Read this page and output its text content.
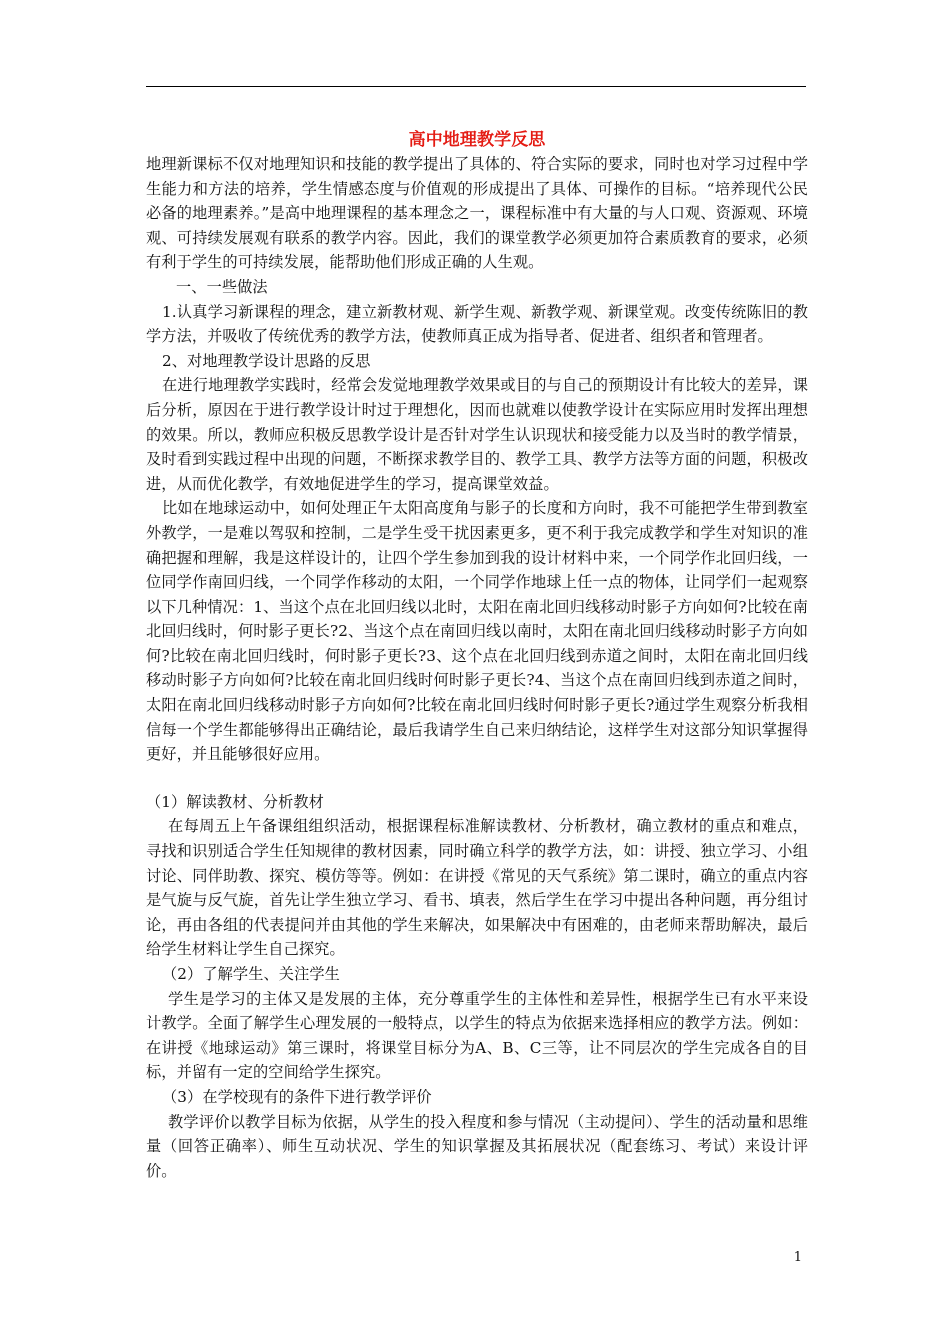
高中地理教学反思

地理新课标不仅对地理知识和技能的教学提出了具体的、符合实际的要求，同时也对学习过程中学生能力和方法的培养，学生情感态度与价值观的形成提出了具体、可操作的目标。“培养现代公民必备的地理素养。”是高中地理课程的基本理念之一，课程标准中有大量的与人口观、资源观、环境观、可持续发展观有联系的教学内容。因此，我们的课堂教学必须更加符合素质教育的要求，必须有利于学生的可持续发展，能帮助他们形成正确的人生观。

一、一些做法

1.认真学习新课程的理念，建立新教材观、新学生观、新教学观、新课堂观。改变传统陈旧的教学方法，并吸收了传统优秀的教学方法，使教师真正成为指导者、促进者、组织者和管理者。

2、对地理教学设计思路的反思

在进行地理教学实践时，经常会发觉地理教学效果或目的与自己的预期设计有比较大的差异，课后分析，原因在于进行教学设计时过于理想化，因而也就难以使教学设计在实际应用时发挥出理想的效果。所以，教师应积极反思教学设计是否针对学生认识现状和接受能力以及当时的教学情景，及时看到实践过程中出现的问题，不断探求教学目的、教学工具、教学方法等方面的问题，积极改进，从而优化教学，有效地促进学生的学习，提高课堂效益。

比如在地球运动中，如何处理正午太阳高度角与影子的长度和方向时，我不可能把学生带到教室外教学，一是难以驾驭和控制，二是学生受干扰因素更多，更不利于我完成教学和学生对知识的准确把握和理解，我是这样设计的，让四个学生参加到我的设计材料中来，一个同学作北回归线，一位同学作南回归线，一个同学作移动的太阳，一个同学作地球上任一点的物体，让同学们一起观察以下几种情况：1、当这个点在北回归线以北时，太阳在南北回归线移动时影子方向如何?比较在南北回归线时，何时影子更长?2、当这个点在南回归线以南时，太阳在南北回归线移动时影子方向如何?比较在南北回归线时，何时影子更长?3、这个点在北回归线到赤道之间时，太阳在南北回归线移动时影子方向如何?比较在南北回归线时何时影子更长?4、当这个点在南回归线到赤道之间时，太阳在南北回归线移动时影子方向如何?比较在南北回归线时何时影子更长?通过学生观察分析我相信每一个学生都能够得出正确结论，最后我请学生自己来归纳结论，这样学生对这部分知识掌握得更好，并且能够很好应用。

（1）解读教材、分析教材

在每周五上午备课组组织活动，根据课程标准解读教材、分析教材，确立教材的重点和难点，寻找和识别适合学生任知规律的教材因素，同时确立科学的教学方法，如：讲授、独立学习、小组讨论、同伴助教、探究、模仿等等。例如：在讲授《常见的天气系统》第二课时，确立的重点内容是气旋与反气旋，首先让学生独立学习、看书、填表，然后学生在学习中提出各种问题，再分组讨论，再由各组的代表提问并由其他的学生来解决，如果解决中有困难的，由老师来帮助解决，最后给学生材料让学生自己探究。

（2）了解学生、关注学生

学生是学习的主体又是发展的主体，充分尊重学生的主体性和差异性，根据学生已有水平来设计教学。全面了解学生心理发展的一般特点，以学生的特点为依据来选择相应的教学方法。例如：在讲授《地球运动》第三课时，将课堂目标分为A、B、C三等，让不同层次的学生完成各自的目标，并留有一定的空间给学生探究。

（3）在学校现有的条件下进行教学评价

教学评价以教学目标为依据，从学生的投入程度和参与情况（主动提问）、学生的活动量和思维量（回答正确率）、师生互动状况、学生的知识掌握及其拓展状况（配套练习、考试）来设计评价。

1
